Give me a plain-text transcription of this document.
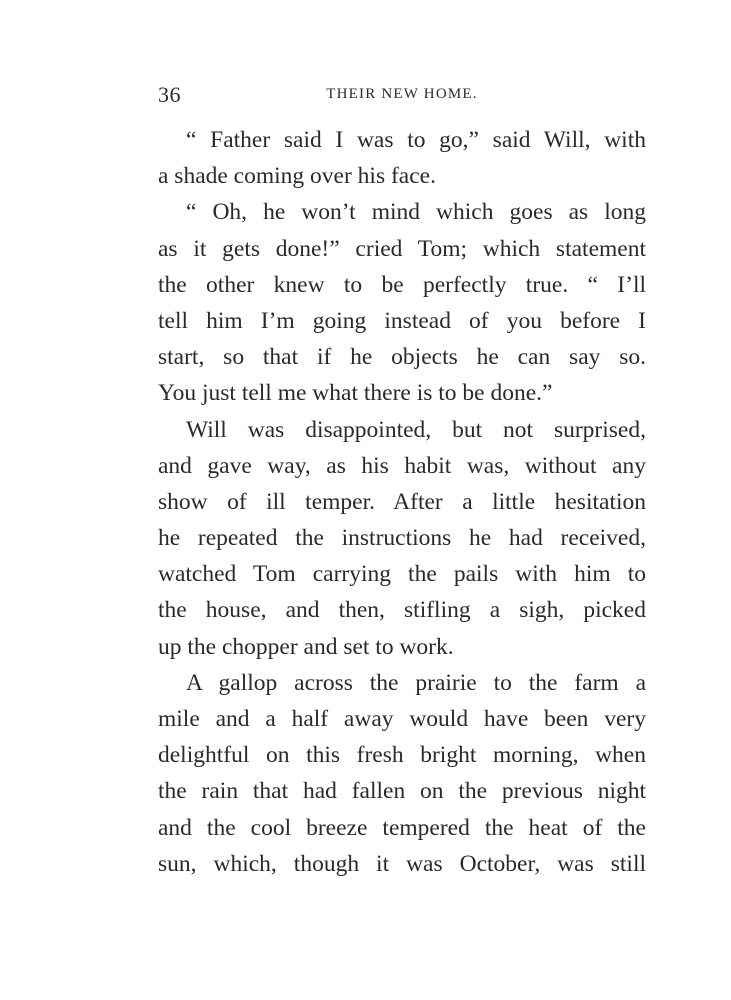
36	THEIR NEW HOME.
“ Father said I was to go,” said Will, with
a shade coming over his face.
“ Oh, he won’t mind which goes as long
as it gets done!” cried Tom; which statement
the other knew to be perfectly true. “ I’ll
tell him I’m going instead of you before I
start, so that if he objects he can say so.
You just tell me what there is to be done.”
Will was disappointed, but not surprised,
and gave way, as his habit was, without any
show of ill temper. After a little hesitation
he repeated the instructions he had received,
watched Tom carrying the pails with him to
the house, and then, stifling a sigh, picked
up the chopper and set to work.
A gallop across the prairie to the farm a
mile and a half away would have been very
delightful on this fresh bright morning, when
the rain that had fallen on the previous night
and the cool breeze tempered the heat of the
sun, which, though it was October, was still
